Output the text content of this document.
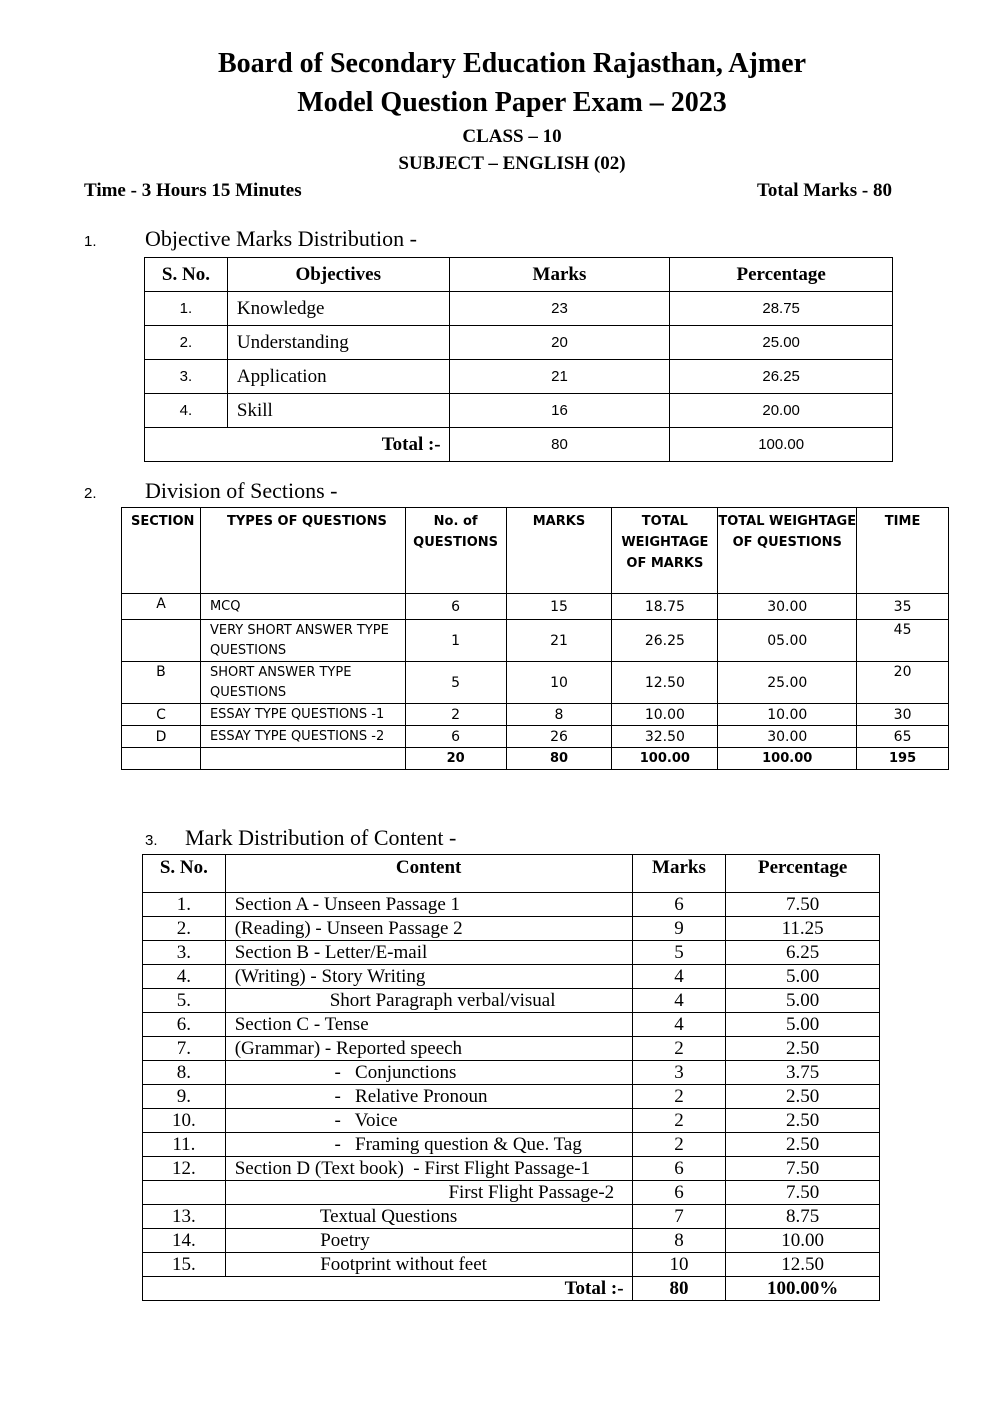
Board of Secondary Education Rajasthan, Ajmer
Model Question Paper Exam – 2023
CLASS – 10
SUBJECT – ENGLISH (02)
Time - 3 Hours 15 Minutes	Total Marks - 80
1. Objective Marks Distribution -
S. No.	Objectives	Marks	Percentage
1.	Knowledge	23	28.75
2.	Understanding	20	25.00
3.	Application	21	26.25
4.	Skill	16	20.00
Total :-		80	100.00
2. Division of Sections -
SECTION	TYPES OF QUESTIONS	No. of QUESTIONS	MARKS	TOTAL WEIGHTAGE OF MARKS	TOTAL WEIGHTAGE OF QUESTIONS	TIME
A	MCQ	6	15	18.75	30.00	35
	VERY SHORT ANSWER TYPE QUESTIONS	1	21	26.25	05.00	45
B	SHORT ANSWER TYPE QUESTIONS	5	10	12.50	25.00	20
C	ESSAY TYPE QUESTIONS -1	2	8	10.00	10.00	30
D	ESSAY TYPE QUESTIONS -2	6	26	32.50	30.00	65
		20	80	100.00	100.00	195
3. Mark Distribution of Content -
S. No.	Content	Marks	Percentage
1.	Section A - Unseen Passage 1	6	7.50
2.	(Reading) - Unseen Passage 2	9	11.25
3.	Section B - Letter/E-mail	5	6.25
4.	(Writing) - Story Writing	4	5.00
5.	Short Paragraph verbal/visual	4	5.00
6.	Section C - Tense	4	5.00
7.	(Grammar) - Reported speech	2	2.50
8.	-   Conjunctions	3	3.75
9.	-   Relative Pronoun	2	2.50
10.	-   Voice	2	2.50
11.	-   Framing question & Que. Tag	2	2.50
12.	Section D (Text book)  - First Flight Passage-1	6	7.50
	First Flight Passage-2	6	7.50
13.	Textual Questions	7	8.75
14.	Poetry	8	10.00
15.	Footprint without feet	10	12.50
Total :-		80	100.00%
